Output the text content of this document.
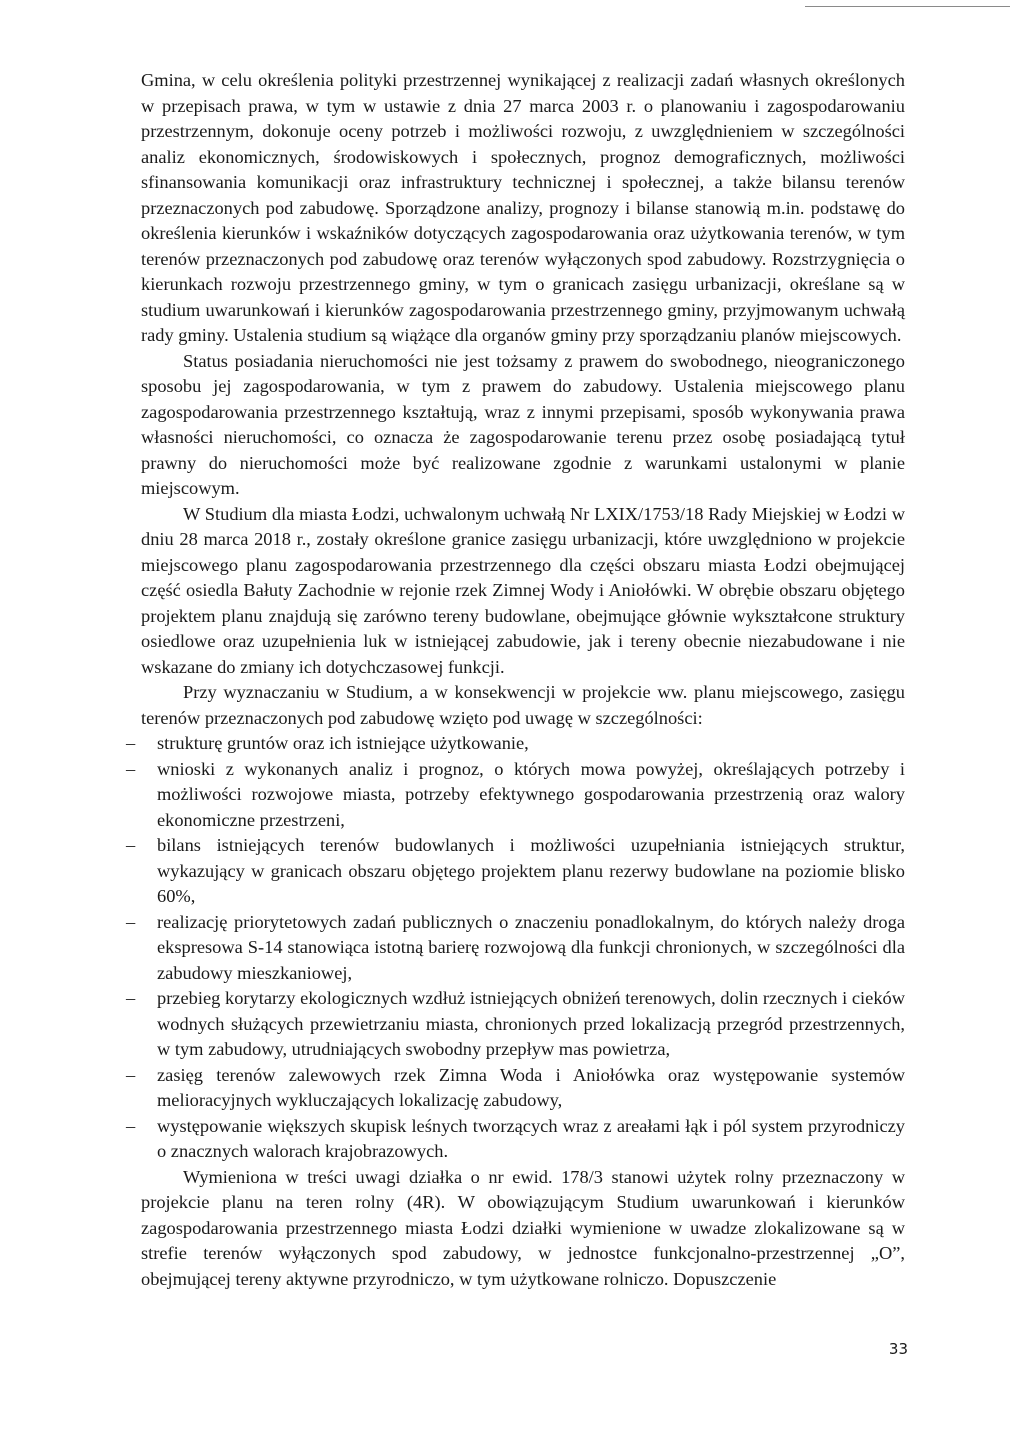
Gmina, w celu określenia polityki przestrzennej wynikającej z realizacji zadań własnych określonych w przepisach prawa, w tym w ustawie z dnia 27 marca 2003 r. o planowaniu i zagospodarowaniu przestrzennym, dokonuje oceny potrzeb i możliwości rozwoju, z uwzględnieniem w szczególności analiz ekonomicznych, środowiskowych i społecznych, prognoz demograficznych, możliwości sfinansowania komunikacji oraz infrastruktury technicznej i społecznej, a także bilansu terenów przeznaczonych pod zabudowę. Sporządzone analizy, prognozy i bilanse stanowią m.in. podstawę do określenia kierunków i wskaźników dotyczących zagospodarowania oraz użytkowania terenów, w tym terenów przeznaczonych pod zabudowę oraz terenów wyłączonych spod zabudowy. Rozstrzygnięcia o kierunkach rozwoju przestrzennego gminy, w tym o granicach zasięgu urbanizacji, określane są w studium uwarunkowań i kierunków zagospodarowania przestrzennego gminy, przyjmowanym uchwałą rady gminy. Ustalenia studium są wiążące dla organów gminy przy sporządzaniu planów miejscowych.

Status posiadania nieruchomości nie jest tożsamy z prawem do swobodnego, nieograniczonego sposobu jej zagospodarowania, w tym z prawem do zabudowy. Ustalenia miejscowego planu zagospodarowania przestrzennego kształtują, wraz z innymi przepisami, sposób wykonywania prawa własności nieruchomości, co oznacza że zagospodarowanie terenu przez osobę posiadającą tytuł prawny do nieruchomości może być realizowane zgodnie z warunkami ustalonymi w planie miejscowym.

W Studium dla miasta Łodzi, uchwalonym uchwałą Nr LXIX/1753/18 Rady Miejskiej w Łodzi w dniu 28 marca 2018 r., zostały określone granice zasięgu urbanizacji, które uwzględniono w projekcie miejscowego planu zagospodarowania przestrzennego dla części obszaru miasta Łodzi obejmującej część osiedla Bałuty Zachodnie w rejonie rzek Zimnej Wody i Aniołówki. W obrębie obszaru objętego projektem planu znajdują się zarówno tereny budowlane, obejmujące głównie wykształcone struktury osiedlowe oraz uzupełnienia luk w istniejącej zabudowie, jak i tereny obecnie niezabudowane i nie wskazane do zmiany ich dotychczasowej funkcji.

Przy wyznaczaniu w Studium, a w konsekwencji w projekcie ww. planu miejscowego, zasięgu terenów przeznaczonych pod zabudowę wzięto pod uwagę w szczególności:

– strukturę gruntów oraz ich istniejące użytkowanie,
– wnioski z wykonanych analiz i prognoz, o których mowa powyżej, określających potrzeby i możliwości rozwojowe miasta, potrzeby efektywnego gospodarowania przestrzenią oraz walory ekonomiczne przestrzeni,
– bilans istniejących terenów budowlanych i możliwości uzupełniania istniejących struktur, wykazujący w granicach obszaru objętego projektem planu rezerwy budowlane na poziomie blisko 60%,
– realizację priorytetowych zadań publicznych o znaczeniu ponadlokalnym, do których należy droga ekspresowa S-14 stanowiąca istotną barierę rozwojową dla funkcji chronionych, w szczególności dla zabudowy mieszkaniowej,
– przebieg korytarzy ekologicznych wzdłuż istniejących obniżeń terenowych, dolin rzecznych i cieków wodnych służących przewietrzaniu miasta, chronionych przed lokalizacją przegród przestrzennych, w tym zabudowy, utrudniających swobodny przepływ mas powietrza,
– zasięg terenów zalewowych rzek Zimna Woda i Aniołówka oraz występowanie systemów melioracyjnych wykluczających lokalizację zabudowy,
– występowanie większych skupisk leśnych tworzących wraz z areałami łąk i pól system przyrodniczy o znacznych walorach krajobrazowych.

Wymieniona w treści uwagi działka o nr ewid. 178/3 stanowi użytek rolny przeznaczony w projekcie planu na teren rolny (4R). W obowiązującym Studium uwarunkowań i kierunków zagospodarowania przestrzennego miasta Łodzi działki wymienione w uwadze zlokalizowane są w strefie terenów wyłączonych spod zabudowy, w jednostce funkcjonalno-przestrzennej „O”, obejmującej tereny aktywne przyrodniczo, w tym użytkowane rolniczo. Dopuszczenie

33
